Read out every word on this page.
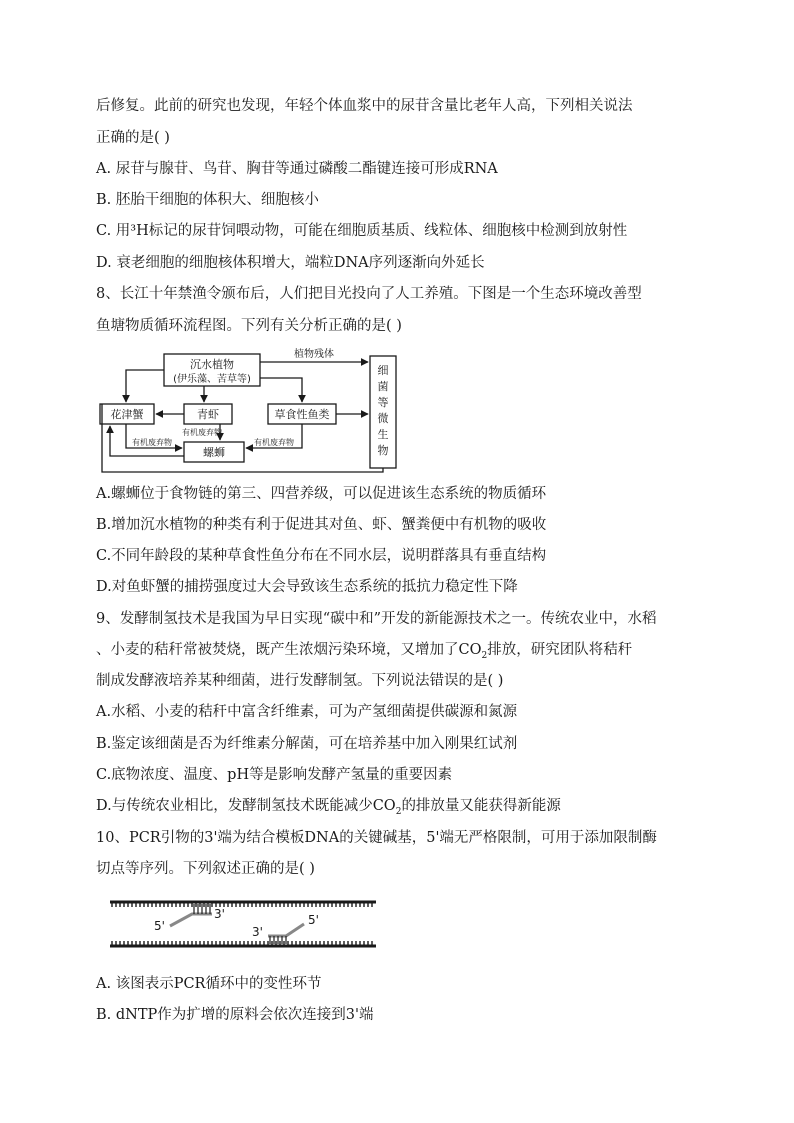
后修复。此前的研究也发现，年轻个体血浆中的尿苷含量比老年人高，下列相关说法
正确的是( )
A. 尿苷与腺苷、鸟苷、胸苷等通过磷酸二酯键连接可形成RNA
B. 胚胎干细胞的体积大、细胞核小
C. 用³H标记的尿苷饲喂动物，可能在细胞质基质、线粒体、细胞核中检测到放射性
D. 衰老细胞的细胞核体积增大，端粒DNA序列逐渐向外延长
8、长江十年禁渔令颁布后，人们把目光投向了人工养殖。下图是一个生态环境改善型
鱼塘物质循环流程图。下列有关分析正确的是( )
沉水植物
(伊乐藻、苦草等)
花津蟹	青虾	草食性鱼类
螺蛳
植物残体
有机废弃物
有机废弃物	有机废弃物
细
菌
等
微
生
物
A.螺蛳位于食物链的第三、四营养级，可以促进该生态系统的物质循环
B.增加沉水植物的种类有利于促进其对鱼、虾、蟹粪便中有机物的吸收
C.不同年龄段的某种草食性鱼分布在不同水层，说明群落具有垂直结构
D.对鱼虾蟹的捕捞强度过大会导致该生态系统的抵抗力稳定性下降
9、发酵制氢技术是我国为早日实现“碳中和”开发的新能源技术之一。传统农业中，水稻
、小麦的秸秆常被焚烧，既产生浓烟污染环境，又增加了$CO_2$排放，研究团队将秸秆
制成发酵液培养某种细菌，进行发酵制氢。下列说法错误的是( )
A.水稻、小麦的秸秆中富含纤维素，可为产氢细菌提供碳源和氮源
B.鉴定该细菌是否为纤维素分解菌，可在培养基中加入刚果红试剂
C.底物浓度、温度、pH等是影响发酵产氢量的重要因素
D.与传统农业相比，发酵制氢技术既能减少$CO_2$的排放量又能获得新能源
10、PCR引物的3'端为结合模板DNA的关键碱基，5'端无严格限制，可用于添加限制酶
切点等序列。下列叙述正确的是( )
5'
3'
3'
5'
A. 该图表示PCR循环中的变性环节
B. dNTP作为扩增的原料会依次连接到3'端
